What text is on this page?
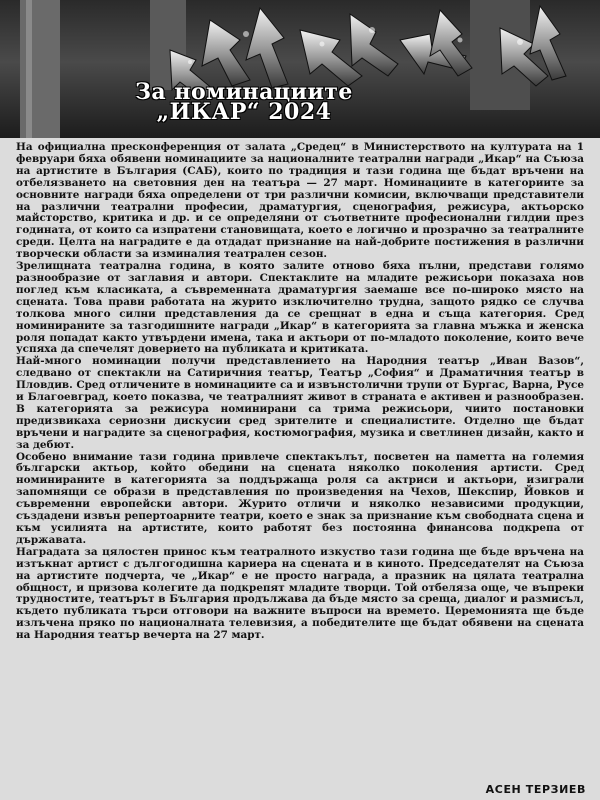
За номинациите
„ИКАР“ 2024

На официална пресконференция от залата „Средец“ в Министерството на културата на 1 февруари бяха обявени номинациите за националните театрални награди „Икар“ на Съюза на артистите в България (САБ), които по традиция и тази година ще бъдат връчени на отбелязването на световния ден на театъра — 27 март. Номинациите в категориите за основните награди бяха определени от три различни комисии, включващи представители на различни театрални професии, драматургия, сценография, режисура, актьорско майсторство, критика и др. и се определяни от съответните професионални гилдии през годината, от които са изпратени становищата, което е логично и прозрачно за театралните среди. Целта на наградите е да отдадат признание на най-добрите постижения в различни творчески области за изминалия театрален сезон.

Зрелищната театрална година, в която залите отново бяха пълни, представи голямо разнообразие от заглавия и автори. Спектаклите на младите режисьори показаха нов поглед към класиката, а съвременната драматургия заемаше все по-широко място на сцената. Това прави работата на журито изключително трудна, защото рядко се случва толкова много силни представления да се срещнат в една и съща категория. Сред номинираните за тазгодишните награди „Икар“ в категорията за главна мъжка и женска роля попадат както утвърдени имена, така и актьори от по-младото поколение, които вече успяха да спечелят доверието на публиката и критиката.

Най-много номинации получи представлението на Народния театър „Иван Вазов“, следвано от спектакли на Сатиричния театър, Театър „София“ и Драматичния театър в Пловдив. Сред отличените в номинациите са и извънстолични трупи от Бургас, Варна, Русе и Благоевград, което показва, че театралният живот в страната е активен и разнообразен. В категорията за режисура номинирани са трима режисьори, чиито постановки предизвикаха сериозни дискусии сред зрителите и специалистите. Отделно ще бъдат връчени и наградите за сценография, костюмография, музика и светлинен дизайн, както и за дебют.

Особено внимание тази година привлече спектакълът, посветен на паметта на големия български актьор, който обедини на сцената няколко поколения артисти. Сред номинираните в категорията за поддържаща роля са актриси и актьори, изиграли запомнящи се образи в представления по произведения на Чехов, Шекспир, Йовков и съвременни европейски автори. Журито отличи и няколко независими продукции, създадени извън репертоарните театри, което е знак за признание към свободната сцена и към усилията на артистите, които работят без постоянна финансова подкрепа от държавата.

Наградата за цялостен принос към театралното изкуство тази година ще бъде връчена на изтъкнат артист с дългогодишна кариера на сцената и в киното. Председателят на Съюза на артистите подчерта, че „Икар“ е не просто награда, а празник на цялата театрална общност, и призова колегите да подкрепят младите творци. Той отбеляза още, че въпреки трудностите, театърът в България продължава да бъде място за среща, диалог и размисъл, където публиката търси отговори на важните въпроси на времето. Церемонията ще бъде излъчена пряко по националната телевизия, а победителите ще бъдат обявени на сцената на Народния театър вечерта на 27 март.

АСЕН ТЕРЗИЕВ
